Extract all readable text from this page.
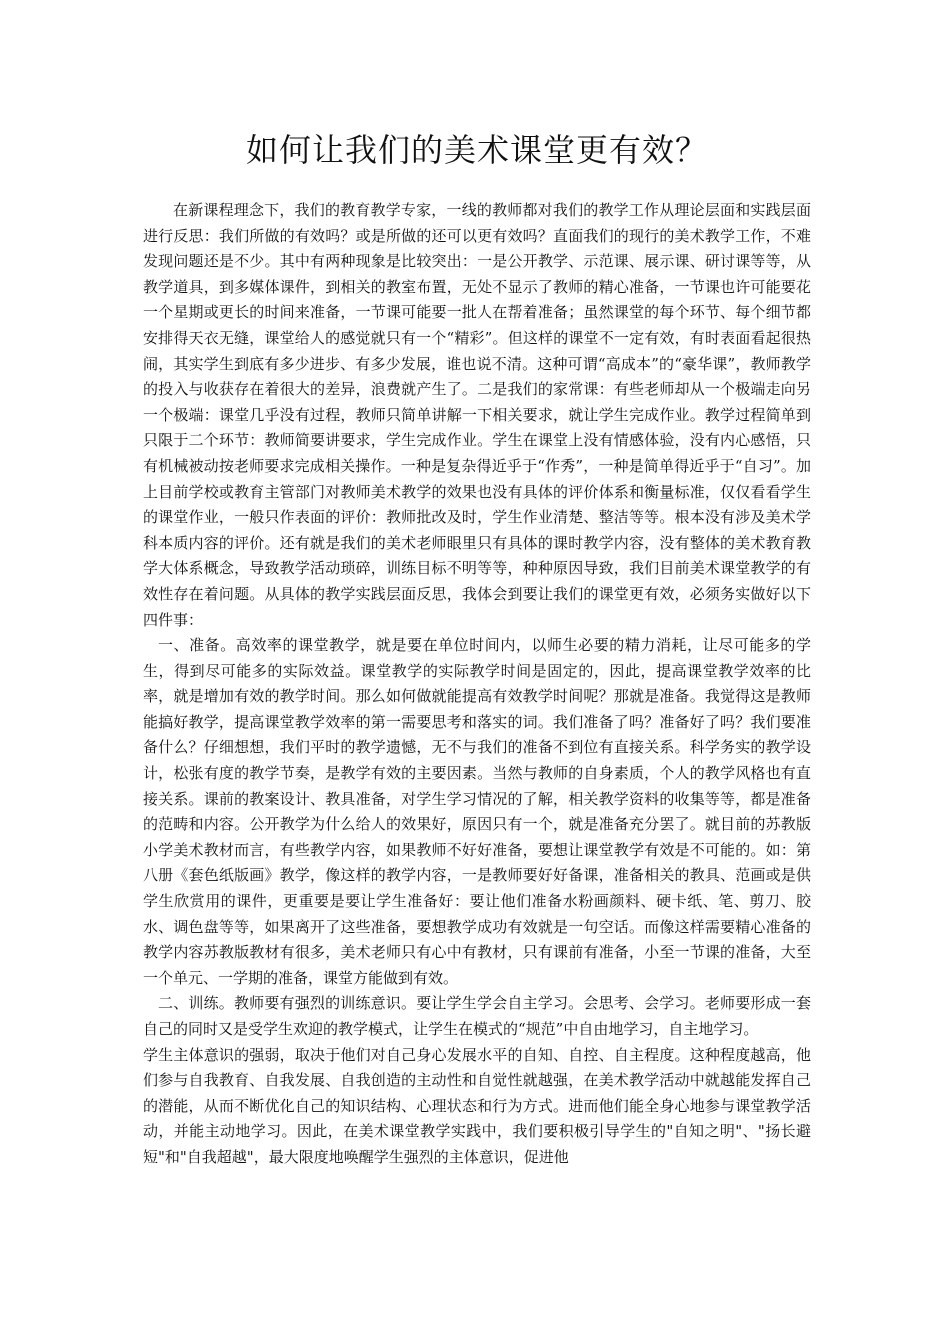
如何让我们的美术课堂更有效？

在新课程理念下，我们的教育教学专家，一线的教师都对我们的教学工作从理论层面和实践层面进行反思：我们所做的有效吗？或是所做的还可以更有效吗？直面我们的现行的美术教学工作，不难发现问题还是不少。其中有两种现象是比较突出：一是公开教学、示范课、展示课、研讨课等等，从教学道具，到多媒体课件，到相关的教室布置，无处不显示了教师的精心准备，一节课也许可能要花一个星期或更长的时间来准备，一节课可能要一批人在帮着准备；虽然课堂的每个环节、每个细节都安排得天衣无缝，课堂给人的感觉就只有一个“精彩”。但这样的课堂不一定有效，有时表面看起很热闹，其实学生到底有多少进步、有多少发展，谁也说不清。这种可谓“高成本”的“豪华课”，教师教学的投入与收获存在着很大的差异，浪费就产生了。二是我们的家常课：有些老师却从一个极端走向另一个极端：课堂几乎没有过程，教师只简单讲解一下相关要求，就让学生完成作业。教学过程简单到只限于二个环节：教师简要讲要求，学生完成作业。学生在课堂上没有情感体验，没有内心感悟，只有机械被动按老师要求完成相关操作。一种是复杂得近乎于“作秀”，一种是简单得近乎于“自习”。加上目前学校或教育主管部门对教师美术教学的效果也没有具体的评价体系和衡量标准，仅仅看看学生的课堂作业，一般只作表面的评价：教师批改及时，学生作业清楚、整洁等等。根本没有涉及美术学科本质内容的评价。还有就是我们的美术老师眼里只有具体的课时教学内容，没有整体的美术教育教学大体系概念，导致教学活动琐碎，训练目标不明等等，种种原因导致，我们目前美术课堂教学的有效性存在着问题。从具体的教学实践层面反思，我体会到要让我们的课堂更有效，必须务实做好以下四件事：

一、准备。高效率的课堂教学，就是要在单位时间内，以师生必要的精力消耗，让尽可能多的学生，得到尽可能多的实际效益。课堂教学的实际教学时间是固定的，因此，提高课堂教学效率的比率，就是增加有效的教学时间。那么如何做就能提高有效教学时间呢？那就是准备。我觉得这是教师能搞好教学，提高课堂教学效率的第一需要思考和落实的词。我们准备了吗？准备好了吗？我们要准备什么？仔细想想，我们平时的教学遗憾，无不与我们的准备不到位有直接关系。科学务实的教学设计，松张有度的教学节奏，是教学有效的主要因素。当然与教师的自身素质，个人的教学风格也有直接关系。课前的教案设计、教具准备，对学生学习情况的了解，相关教学资料的收集等等，都是准备的范畴和内容。公开教学为什么给人的效果好，原因只有一个，就是准备充分罢了。就目前的苏教版小学美术教材而言，有些教学内容，如果教师不好好准备，要想让课堂教学有效是不可能的。如：第八册《套色纸版画》教学，像这样的教学内容，一是教师要好好备课，准备相关的教具、范画或是供学生欣赏用的课件，更重要是要让学生准备好：要让他们准备水粉画颜料、硬卡纸、笔、剪刀、胶水、调色盘等等，如果离开了这些准备，要想教学成功有效就是一句空话。而像这样需要精心准备的教学内容苏教版教材有很多，美术老师只有心中有教材，只有课前有准备，小至一节课的准备，大至一个单元、一学期的准备，课堂方能做到有效。

二、训练。教师要有强烈的训练意识。要让学生学会自主学习。会思考、会学习。老师要形成一套自己的同时又是受学生欢迎的教学模式，让学生在模式的“规范”中自由地学习，自主地学习。

学生主体意识的强弱，取决于他们对自己身心发展水平的自知、自控、自主程度。这种程度越高，他们参与自我教育、自我发展、自我创造的主动性和自觉性就越强，在美术教学活动中就越能发挥自己的潜能，从而不断优化自己的知识结构、心理状态和行为方式。进而他们能全身心地参与课堂教学活动，并能主动地学习。因此，在美术课堂教学实践中，我们要积极引导学生的"自知之明"、"扬长避短"和"自我超越"，最大限度地唤醒学生强烈的主体意识，促进他
